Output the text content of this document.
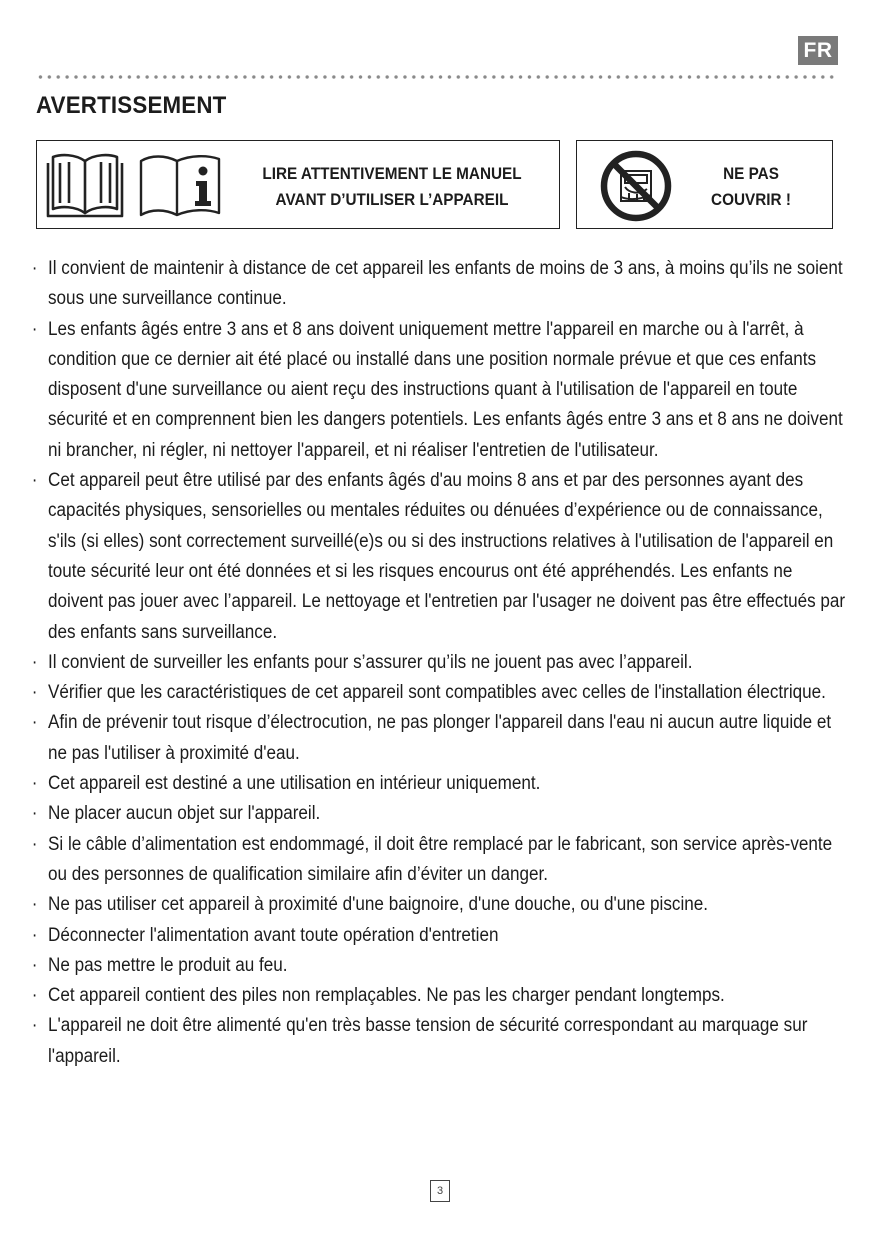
FR
AVERTISSEMENT
LIRE ATTENTIVEMENT LE MANUEL
AVANT D’UTILISER L’APPAREIL
NE PAS
COUVRIR !
· Il convient de maintenir à distance de cet appareil les enfants de moins de 3 ans, à moins qu’ils ne soient sous une surveillance continue.
· Les enfants âgés entre 3 ans et 8 ans doivent uniquement mettre l'appareil en marche ou à l'arrêt, à condition que ce dernier ait été placé ou installé dans une position normale prévue et que ces enfants disposent d'une surveillance ou aient reçu des instructions quant à l'utilisation de l'appareil en toute sécurité et en comprennent bien les dangers potentiels. Les enfants âgés entre 3 ans et 8 ans ne doivent ni brancher, ni régler, ni nettoyer l'appareil, et ni réaliser l'entretien de l'utilisateur.
· Cet appareil peut être utilisé par des enfants âgés d'au moins 8 ans et par des personnes ayant des capacités physiques, sensorielles ou mentales réduites ou dénuées d’expérience ou de connaissance, s'ils (si elles) sont correctement surveillé(e)s ou si des instructions relatives à l'utilisation de l'appareil en toute sécurité leur ont été données et si les risques encourus ont été appréhendés. Les enfants ne doivent pas jouer avec l’appareil. Le nettoyage et l'entretien par l'usager ne doivent pas être effectués par des enfants sans surveillance.
· Il convient de surveiller les enfants pour s’assurer qu’ils ne jouent pas avec l’appareil.
· Vérifier que les caractéristiques de cet appareil sont compatibles avec celles de l'installation électrique.
· Afin de prévenir tout risque d’électrocution, ne pas plonger l'appareil dans l'eau ni aucun autre liquide et ne pas l'utiliser à proximité d'eau.
· Cet appareil est destiné a une utilisation en intérieur uniquement.
· Ne placer aucun objet sur l'appareil.
· Si le câble d’alimentation est endommagé, il doit être remplacé par le fabricant, son service après-vente ou des personnes de qualification similaire afin d’éviter un danger.
· Ne pas utiliser cet appareil à proximité d'une baignoire, d'une douche, ou d'une piscine.
· Déconnecter l'alimentation avant toute opération d'entretien
· Ne pas mettre le produit au feu.
· Cet appareil contient des piles non remplaçables. Ne pas les charger pendant longtemps.
· L'appareil ne doit être alimenté qu'en très basse tension de sécurité correspondant au marquage sur l'appareil.
3
